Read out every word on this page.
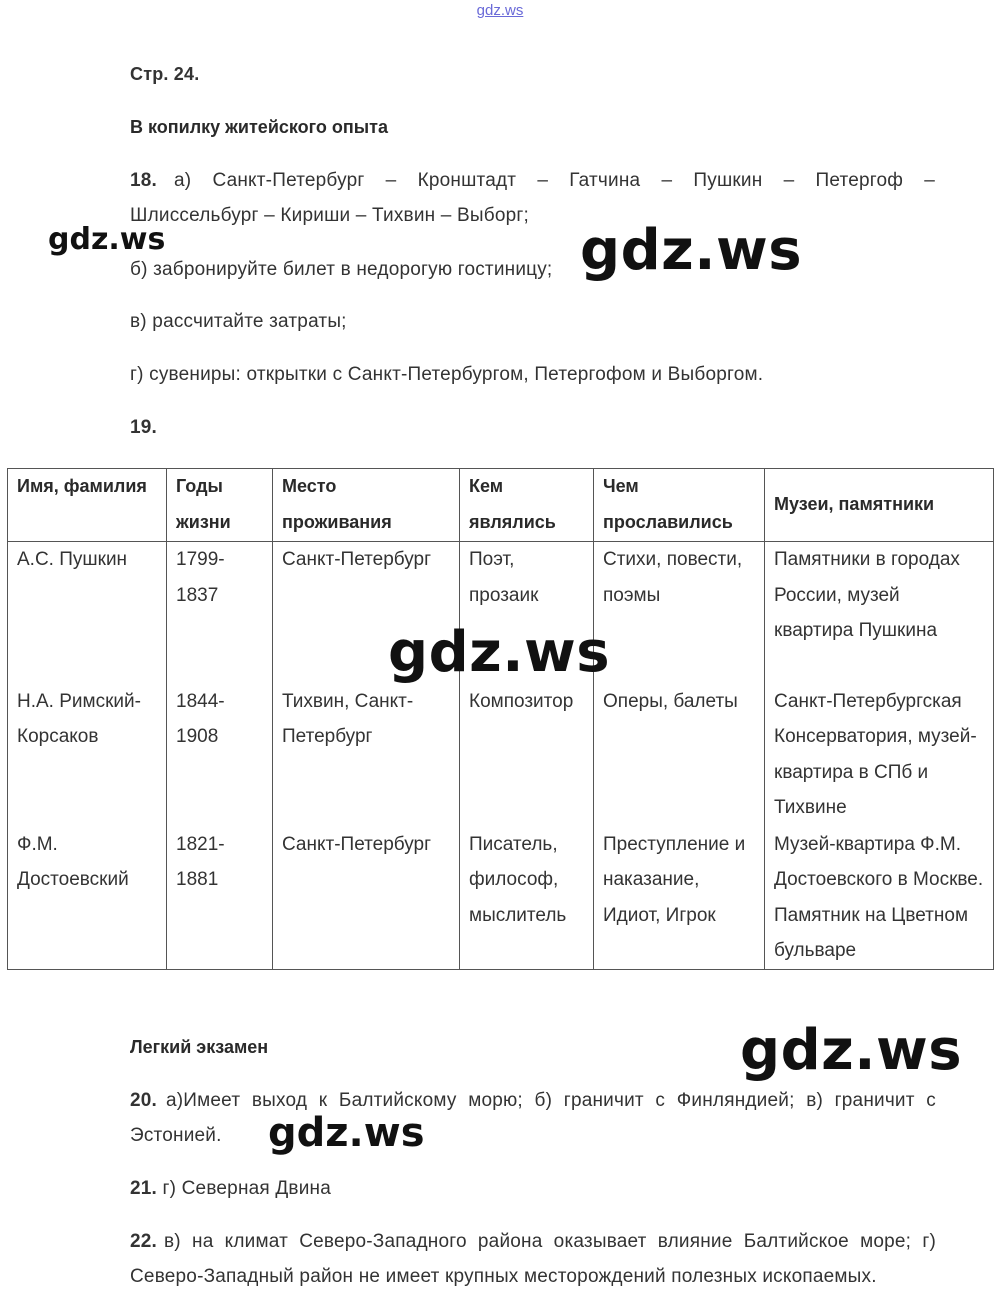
gdz.ws
Стр. 24.
В копилку житейского опыта
18. а) Санкт-Петербург – Кронштадт – Гатчина – Пушкин – Петергоф –
Шлиссельбург – Кириши – Тихвин – Выборг;
б) забронируйте билет в недорогую гостиницу;
в) рассчитайте затраты;
г) сувениры: открытки с Санкт-Петербургом, Петергофом и Выборгом.
19.
Имя, фамилия	Годы жизни	Место проживания	Кем являлись	Чем прославились	Музеи, памятники
А.С. Пушкин	1799-1837	Санкт-Петербург	Поэт, прозаик	Стихи, повести, поэмы	Памятники в городах России, музей квартира Пушкина
Н.А. Римский-Корсаков	1844-1908	Тихвин, Санкт-Петербург	Композитор	Оперы, балеты	Санкт-Петербургская Консерватория, музей-квартира в СПб и Тихвине
Ф.М. Достоевский	1821-1881	Санкт-Петербург	Писатель, философ, мыслитель	Преступление и наказание, Идиот, Игрок	Музей-квартира Ф.М. Достоевского в Москве. Памятник на Цветном бульваре
Легкий экзамен
20. а)Имеет выход к Балтийскому морю; б) граничит с Финляндией; в) граничит с
Эстонией.
21. г) Северная Двина
22. в) на климат Северо-Западного района оказывает влияние Балтийское море; г)
Северо-Западный район не имеет крупных месторождений полезных ископаемых.
gdz.ws	gdz.ws
gdz.ws
gdz.ws
gdz.ws
